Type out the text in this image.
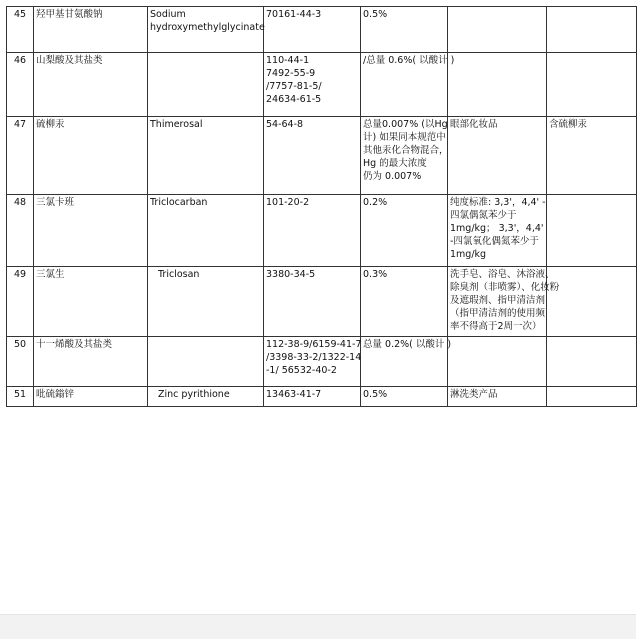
45	羟甲基甘氨酸钠	Sodium
hydroxymethylglycinate	70161-44-3	0.5%		

46	山梨酸及其盐类		110-44-1
7492-55-9
/7757-81-5/
24634-61-5	/总量 0.6%( 以酸计 )		

47	硫柳汞	Thimerosal	54-64-8	总量0.007% (以Hg
计) 如果同本规范中
其他汞化合物混合，
Hg 的最大浓度
仍为 0.007%	眼部化妆品	含硫柳汞

48	三氯卡班	Triclocarban	101-20-2	0.2%	纯度标准: 3,3'，4,4' -
四氯偶氮苯少于
1mg/kg； 3,3'，4,4'
-四氯氧化偶氮苯少于
1mg/kg	

49	三氯生	Triclosan	3380-34-5	0.3%	洗手皂、浴皂、沐浴液、
除臭剂（非喷雾）、化妆粉
及遮瑕剂、指甲清洁剂
（指甲清洁剂的使用频
率不得高于2周一次）	

50	十一烯酸及其盐类		112-38-9/6159-41-7
/3398-33-2/1322-14
-1/ 56532-40-2	总量 0.2%( 以酸计 )		

51	吡硫鎓锌	Zinc pyrithione	13463-41-7	0.5%	淋洗类产品	
